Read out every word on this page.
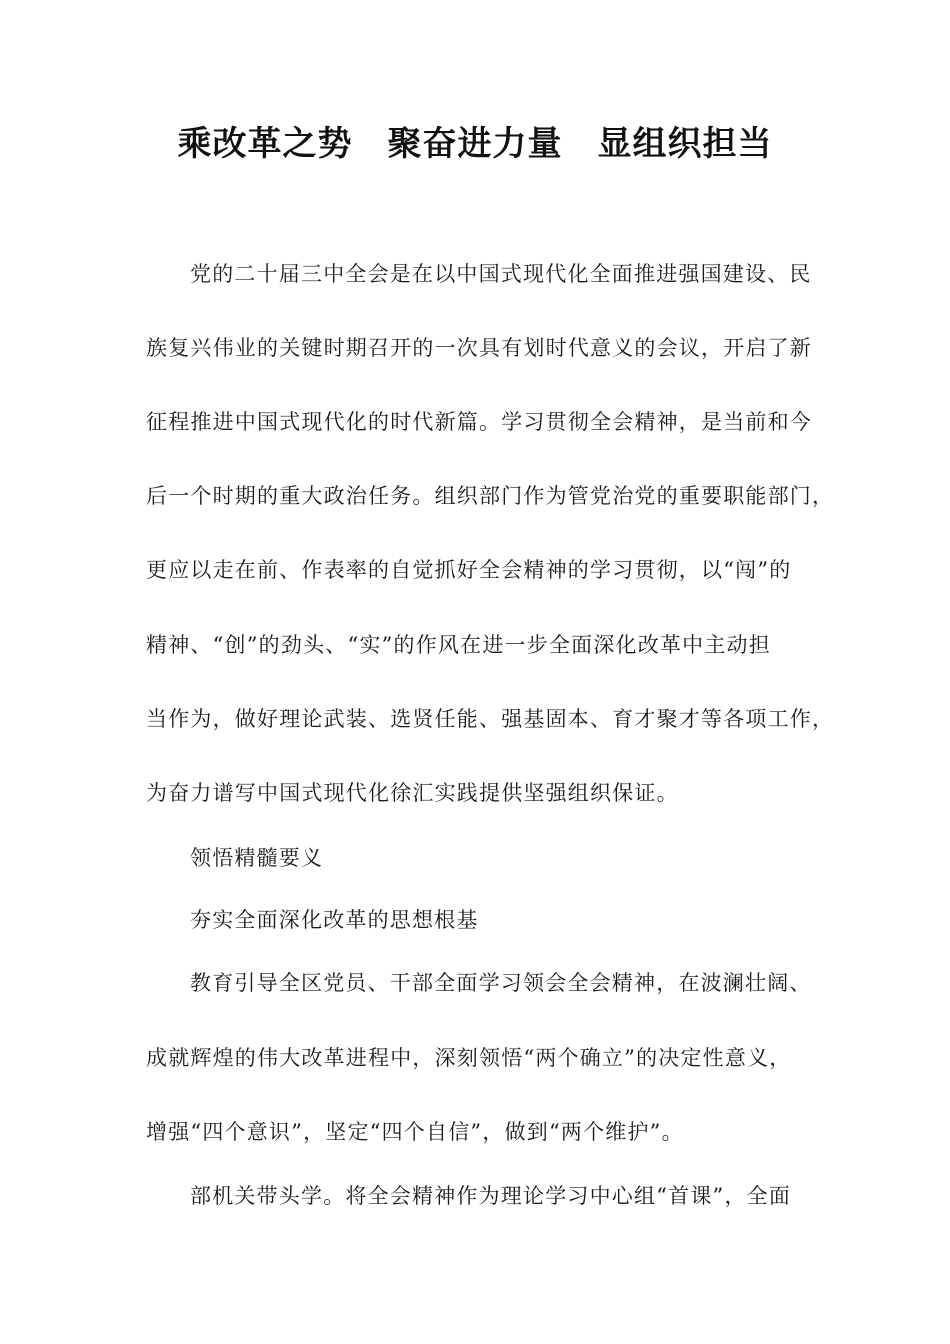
乘改革之势　聚奋进力量　显组织担当
党的二十届三中全会是在以中国式现代化全面推进强国建设、民
族复兴伟业的关键时期召开的一次具有划时代意义的会议，开启了新
征程推进中国式现代化的时代新篇。学习贯彻全会精神，是当前和今
后一个时期的重大政治任务。组织部门作为管党治党的重要职能部门，
更应以走在前、作表率的自觉抓好全会精神的学习贯彻，以“闯”的
精神、“创”的劲头、“实”的作风在进一步全面深化改革中主动担
当作为，做好理论武装、选贤任能、强基固本、育才聚才等各项工作，
为奋力谱写中国式现代化徐汇实践提供坚强组织保证。
领悟精髓要义
夯实全面深化改革的思想根基
教育引导全区党员、干部全面学习领会全会精神，在波澜壮阔、
成就辉煌的伟大改革进程中，深刻领悟“两个确立”的决定性意义，
增强“四个意识”，坚定“四个自信”，做到“两个维护”。
部机关带头学。将全会精神作为理论学习中心组“首课”，全面
